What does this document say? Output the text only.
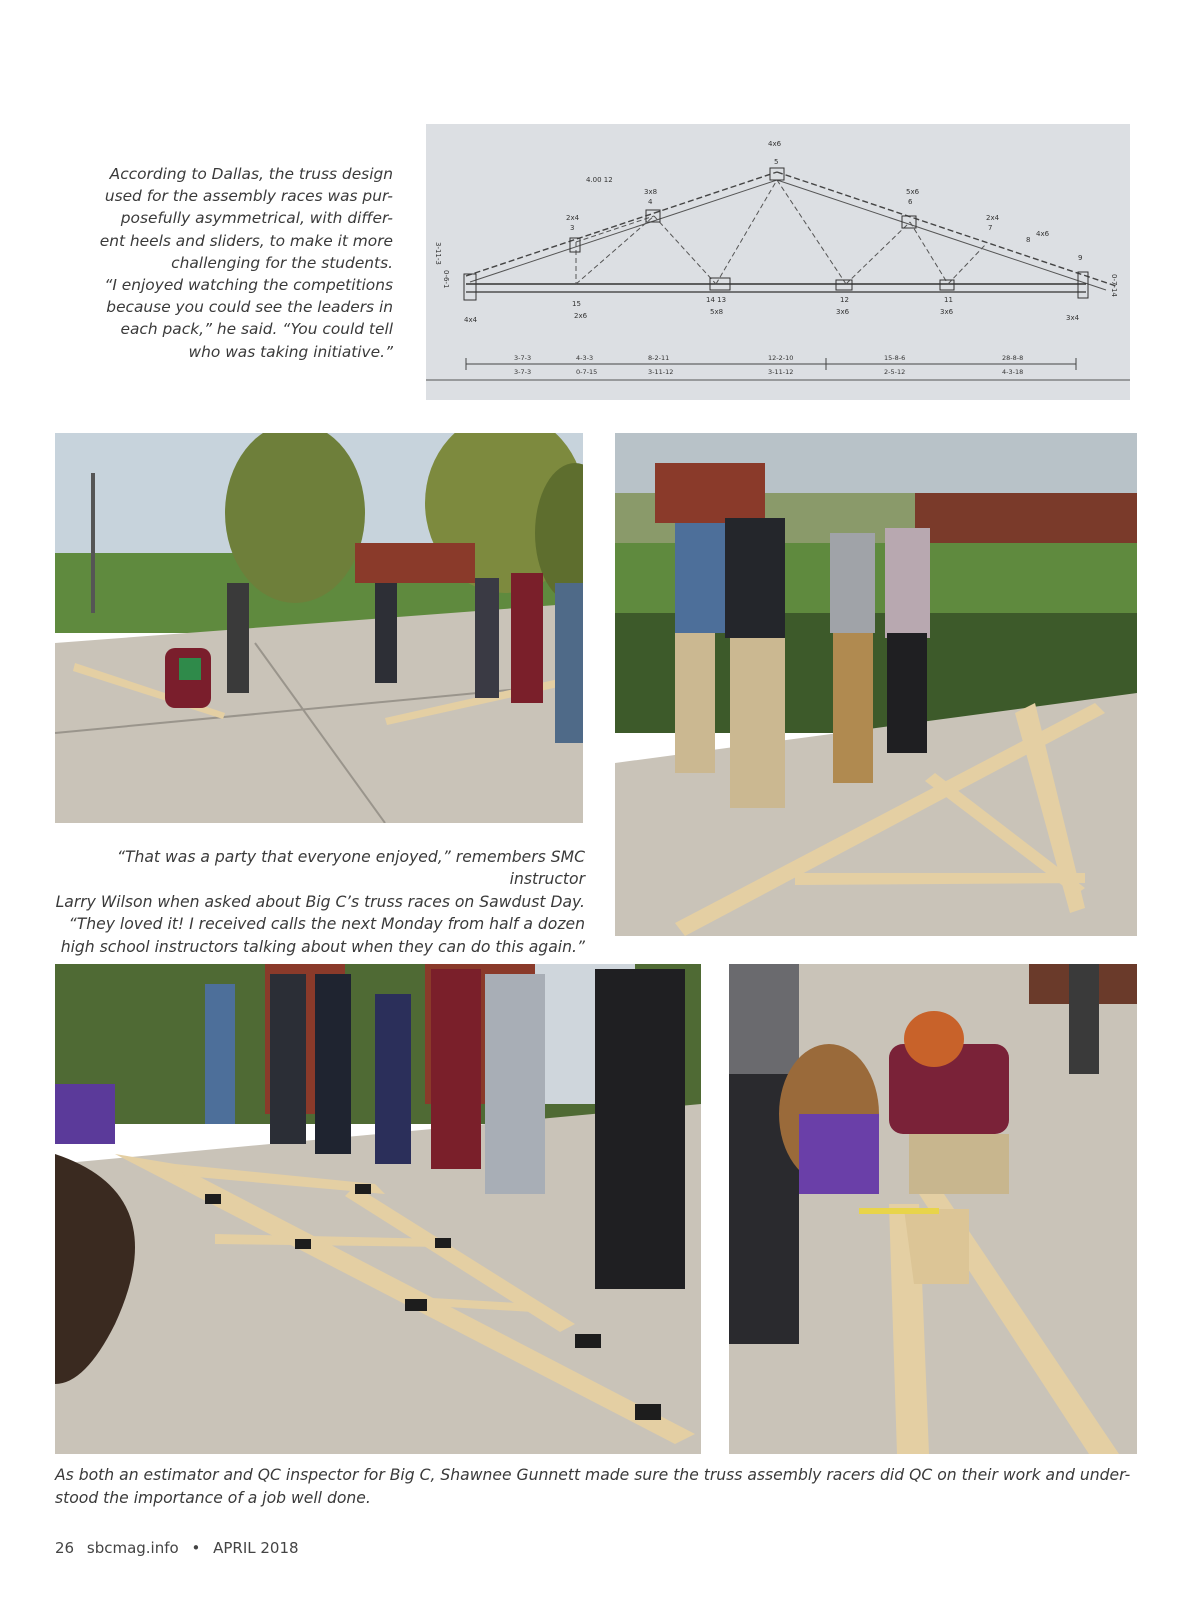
According to Dallas, the truss design

used for the assembly races was pur-

posefully asymmetrical, with differ-

ent heels and sliders, to make it more

challenging for the students.

“I enjoyed watching the competitions

because you could see the leaders in

each pack,” he said. “You could tell

who was taking initiative.”

4x6
5
4.00 12
3x8
4
5x6
6
2x4
3
2x4
7
8
4x6
9
3-11-3
0-6-1	0-7-14
15
2x6
4x4
14 13
5x8
12
3x6
11
3x6
3x4
3-7-3	4-3-3	8-2-11	12-2-10	15-8-6	28-8-8
3-7-3	0-7-15	3-11-12	3-11-12	2-5-12	4-3-18

“That was a party that everyone enjoyed,” remembers SMC instructor

Larry Wilson when asked about Big C’s truss races on Sawdust Day.

“They loved it! I received calls the next Monday from half a dozen

high school instructors talking about when they can do this again.”

As both an estimator and QC inspector for Big C, Shawnee Gunnett made sure the truss assembly racers did QC on their work and under-

stood the importance of a job well done.

26 sbcmag.info • APRIL 2018
